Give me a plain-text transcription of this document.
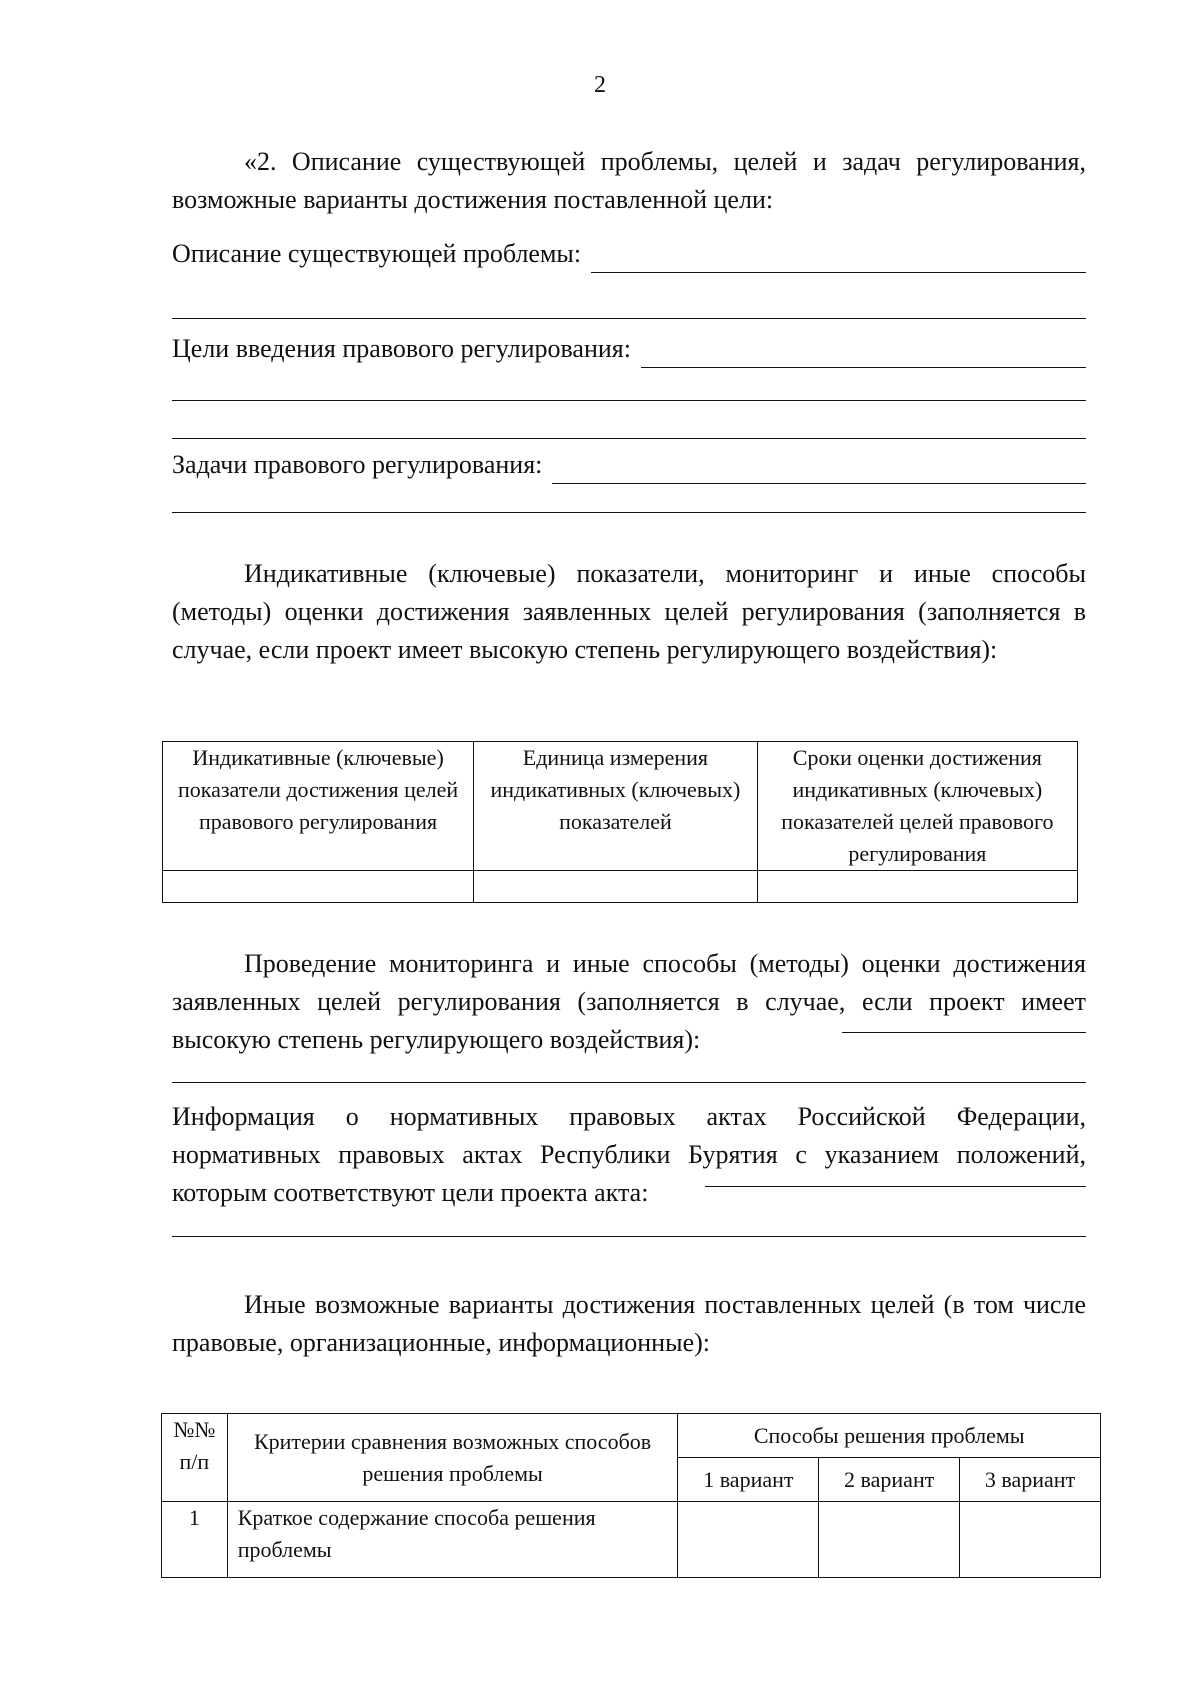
2

«2. Описание существующей проблемы, целей и задач регулирования, возможные варианты достижения поставленной цели:

Описание существующей проблемы:
Цели введения правового регулирования:
Задачи правового регулирования:

Индикативные (ключевые) показатели, мониторинг и иные способы (методы) оценки достижения заявленных целей регулирования (заполняется в случае, если проект имеет высокую степень регулирующего воздействия):

Индикативные (ключевые) показатели достижения целей правового регулирования	Единица измерения индикативных (ключевых) показателей	Сроки оценки достижения индикативных (ключевых) показателей целей правового регулирования

Проведение мониторинга и иные способы (методы) оценки достижения заявленных целей регулирования (заполняется в случае, если проект имеет высокую степень регулирующего воздействия):

Информация о нормативных правовых актах Российской Федерации, нормативных правовых актах Республики Бурятия с указанием положений, которым соответствуют цели проекта акта:

Иные возможные варианты достижения поставленных целей (в том числе правовые, организационные, информационные):

№№ п/п	Критерии сравнения возможных способов решения проблемы	Способы решения проблемы		
		1 вариант	2 вариант	3 вариант
1	Краткое содержание способа решения проблемы			
